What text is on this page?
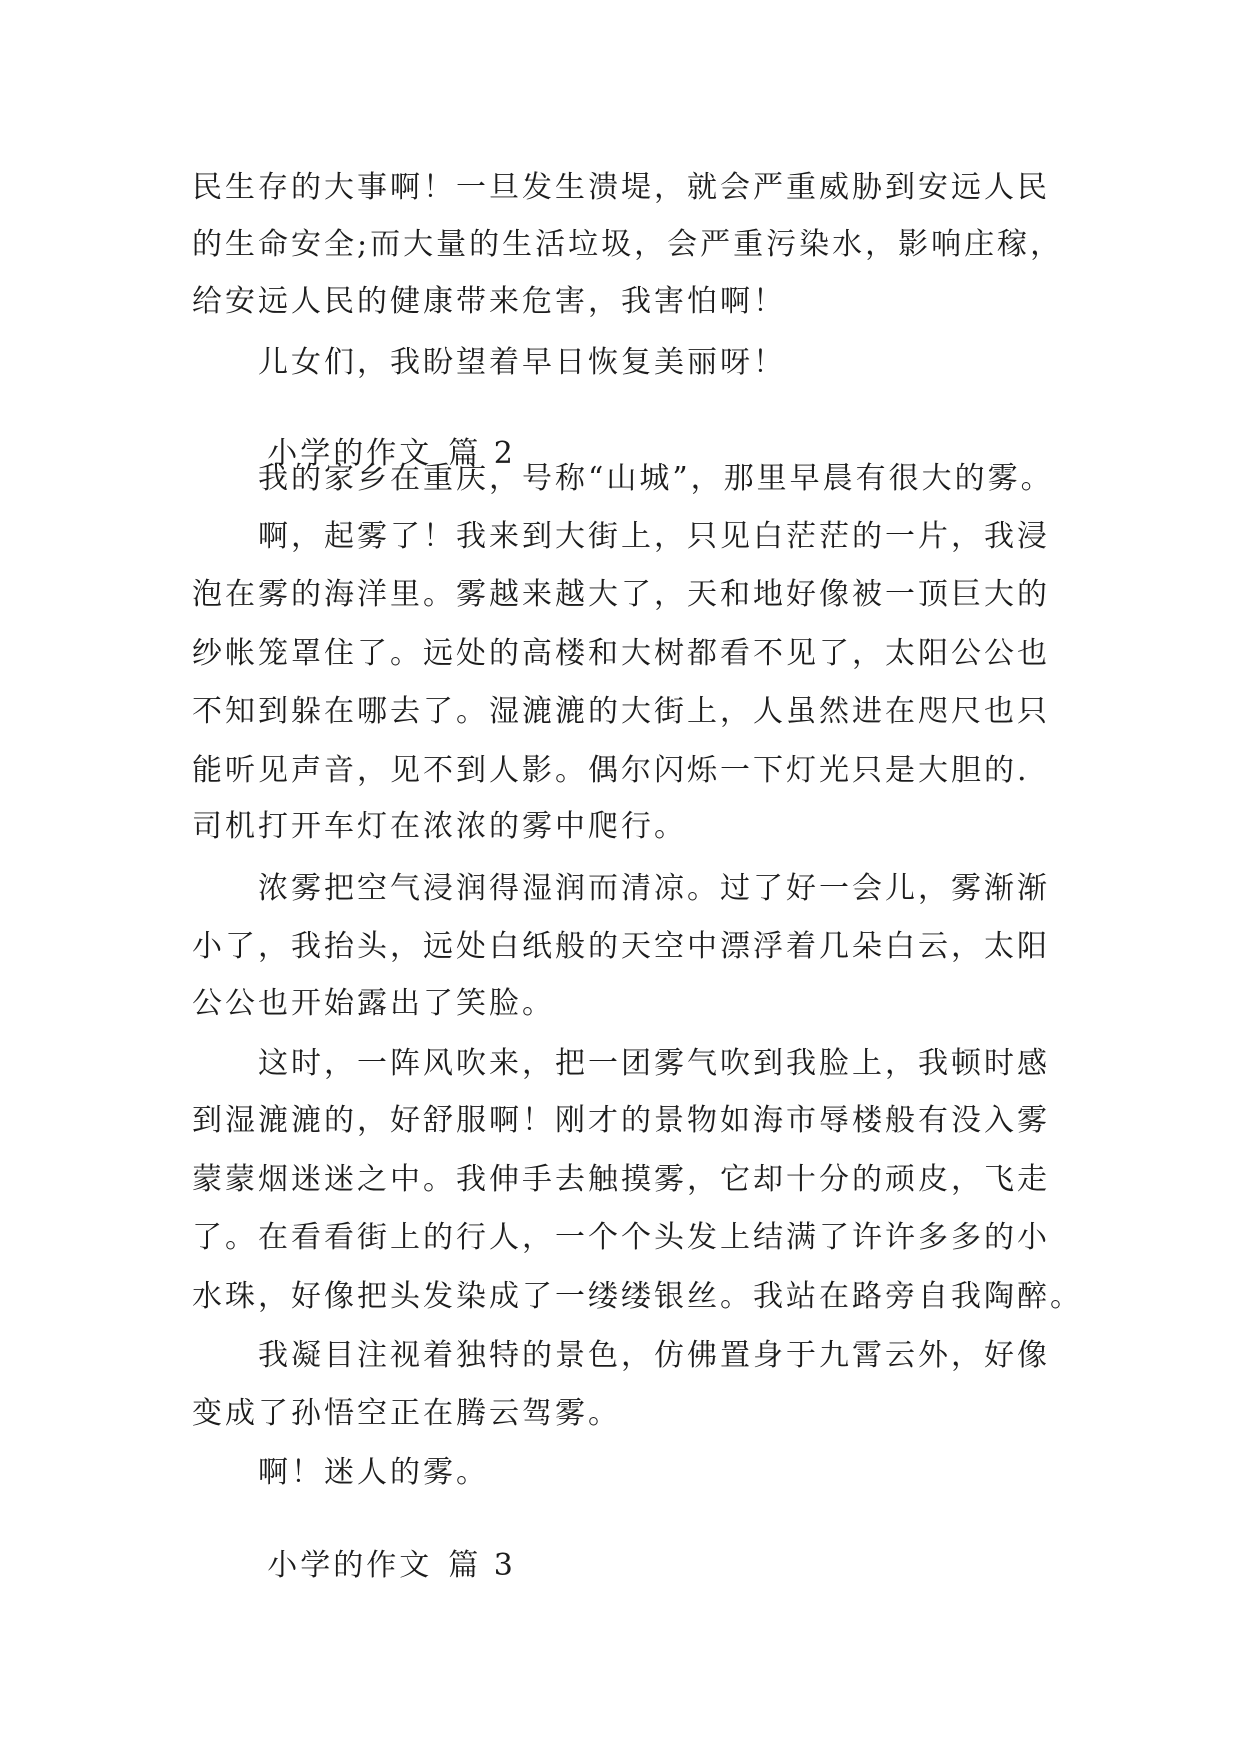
民生存的大事啊！一旦发生溃堤，就会严重威胁到安远人民
的生命安全;而大量的生活垃圾，会严重污染水，影响庄稼，
给安远人民的健康带来危害，我害怕啊！
儿女们，我盼望着早日恢复美丽呀！

小学的作文 篇 2

我的家乡在重庆，号称“山城”，那里早晨有很大的雾。
啊，起雾了！我来到大街上，只见白茫茫的一片，我浸
泡在雾的海洋里。雾越来越大了，天和地好像被一顶巨大的
纱帐笼罩住了。远处的高楼和大树都看不见了，太阳公公也
不知到躲在哪去了。湿漉漉的大街上，人虽然进在咫尺也只
能听见声音，见不到人影。偶尔闪烁一下灯光只是大胆的.
司机打开车灯在浓浓的雾中爬行。
浓雾把空气浸润得湿润而清凉。过了好一会儿，雾渐渐
小了，我抬头，远处白纸般的天空中漂浮着几朵白云，太阳
公公也开始露出了笑脸。
这时，一阵风吹来，把一团雾气吹到我脸上，我顿时感
到湿漉漉的，好舒服啊！刚才的景物如海市辱楼般有没入雾
蒙蒙烟迷迷之中。我伸手去触摸雾，它却十分的顽皮，飞走
了。在看看街上的行人，一个个头发上结满了许许多多的小
水珠，好像把头发染成了一缕缕银丝。我站在路旁自我陶醉。
我凝目注视着独特的景色，仿佛置身于九霄云外，好像
变成了孙悟空正在腾云驾雾。
啊！迷人的雾。

小学的作文 篇 3
